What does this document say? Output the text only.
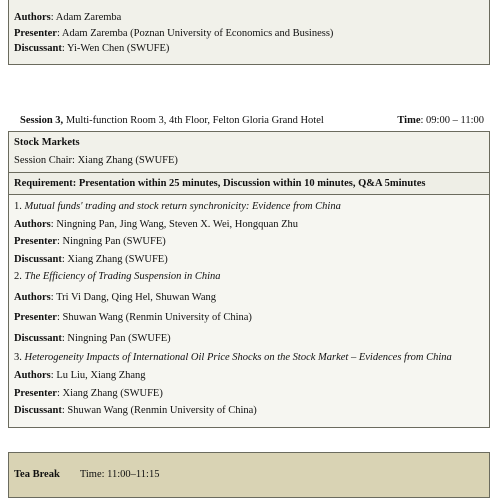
Authors: Adam Zaremba
Presenter: Adam Zaremba (Poznan University of Economics and Business)
Discussant: Yi-Wen Chen (SWUFE)
Session 3, Multi-function Room 3, 4th Floor, Felton Gloria Grand Hotel	Time: 09:00 – 11:00
Stock Markets
Session Chair: Xiang Zhang (SWUFE)
Requirement: Presentation within 25 minutes, Discussion within 10 minutes, Q&A 5minutes
1. Mutual funds' trading and stock return synchronicity: Evidence from China
Authors: Ningning Pan, Jing Wang, Steven X. Wei, Hongquan Zhu
Presenter: Ningning Pan (SWUFE)
Discussant: Xiang Zhang (SWUFE)
2. The Efficiency of Trading Suspension in China
Authors: Tri Vi Dang, Qing Hel, Shuwan Wang
Presenter: Shuwan Wang (Renmin University of China)
Discussant: Ningning Pan (SWUFE)
3. Heterogeneity Impacts of International Oil Price Shocks on the Stock Market – Evidences from China
Authors: Lu Liu, Xiang Zhang
Presenter: Xiang Zhang (SWUFE)
Discussant: Shuwan Wang (Renmin University of China)
Tea Break Time: 11:00–11:15
